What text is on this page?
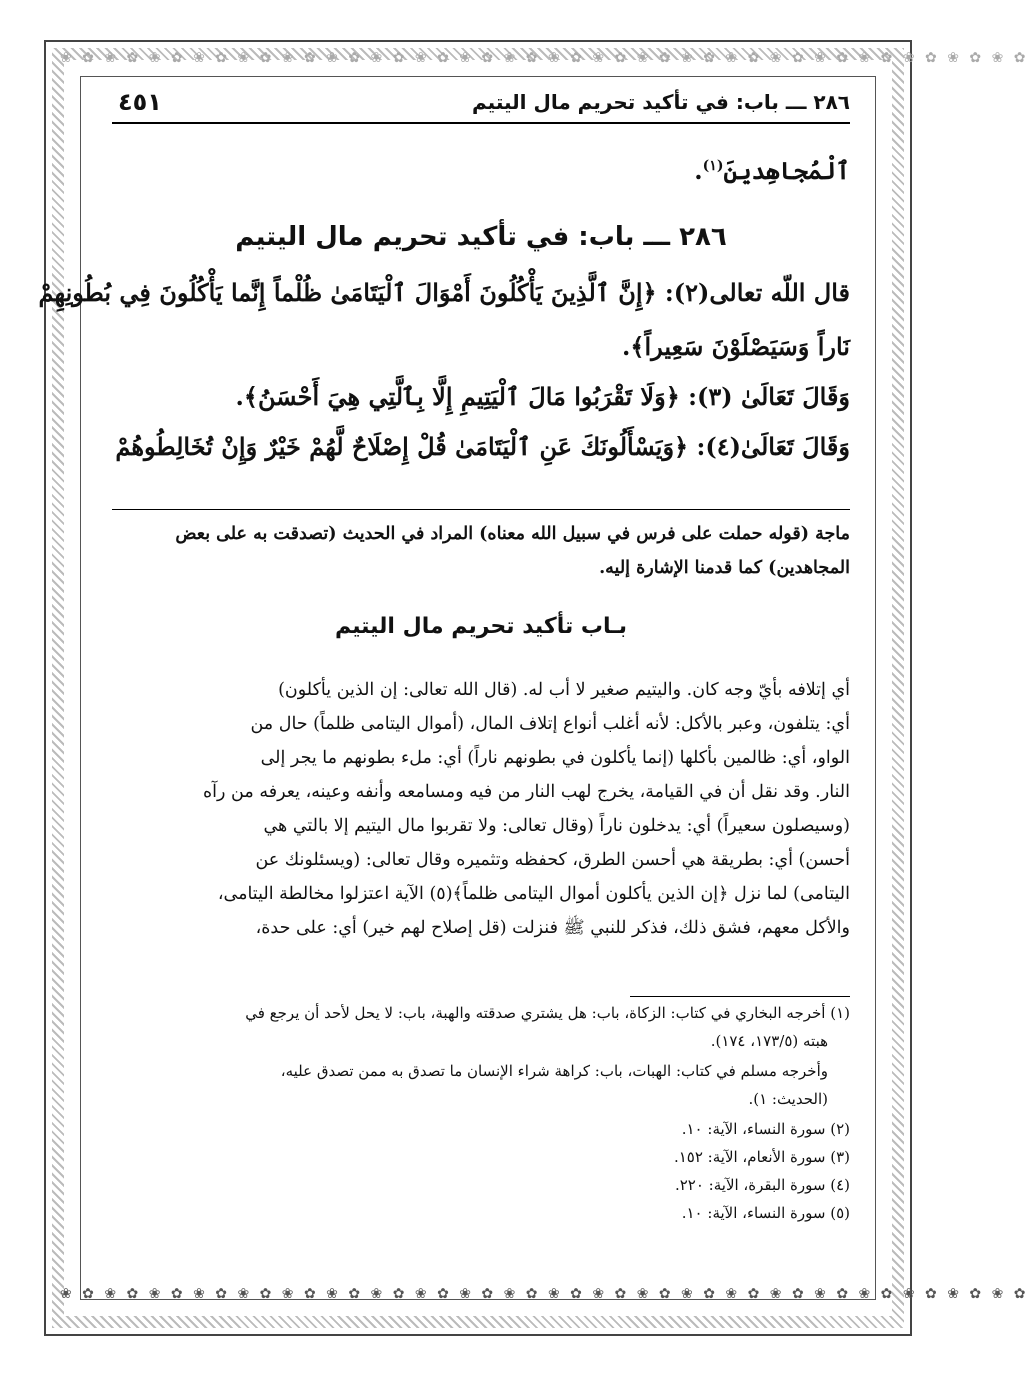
❀ ✿ ❀ ✿ ❀ ✿ ❀ ✿ ❀ ✿ ❀ ✿ ❀ ✿ ❀ ✿ ❀ ✿ ❀ ✿ ❀ ✿ ❀ ✿ ❀ ✿ ❀ ✿ ❀ ✿ ❀ ✿ ❀ ✿ ❀ ✿ ❀ ✿ ❀ ✿ ❀ ✿ ❀ ✿
❀ ✿ ❀ ✿ ❀ ✿ ❀ ✿ ❀ ✿ ❀ ✿ ❀ ✿ ❀ ✿ ❀ ✿ ❀ ✿ ❀ ✿ ❀ ✿ ❀ ✿ ❀ ✿ ❀ ✿ ❀ ✿ ❀ ✿ ❀ ✿ ❀ ✿ ❀ ✿ ❀ ✿ ❀ ✿
٢٨٦ ـــ باب: في تأكيد تحريم مال اليتيم
٤٥١
ٱلْمُجاهِدينَ$^{(١)}$.
٢٨٦ ـــ باب: في تأكيد تحريم مال اليتيم
قال اللّه تعالى(٢): ﴿إِنَّ ٱلَّذِينَ يَأْكُلُونَ أَمْوَالَ ٱلْيَتَامَىٰ ظُلْماً إِنَّما يَأْكُلُونَ فِي بُطُونِهِمْ
نَاراً وَسَيَصْلَوْنَ سَعِيراً﴾.
وَقَالَ تَعَالَىٰ (٣): ﴿وَلَا تَقْرَبُوا مَالَ ٱلْيَتِيمِ إِلَّا بِٱلَّتِي هِيَ أَحْسَنُ﴾.
وَقَالَ تَعَالَىٰ(٤): ﴿وَيَسْأَلُونَكَ عَنِ ٱلْيَتَامَىٰ قُلْ إِصْلَاحٌ لَّهُمْ خَيْرٌ وَإِنْ تُخَالِطُوهُمْ
ماجة (قوله حملت على فرس في سبيل الله معناه) المراد في الحديث (تصدقت به على بعض
المجاهدين) كما قدمنا الإشارة إليه.
بـاب تأكيد تحريم مال اليتيم
أي إتلافه بأيّ وجه كان. واليتيم صغير لا أب له. (قال الله تعالى: إن الذين يأكلون)
أي: يتلفون، وعبر بالأكل: لأنه أغلب أنواع إتلاف المال، (أموال اليتامى ظلماً) حال من
الواو، أي: ظالمين بأكلها (إنما يأكلون في بطونهم ناراً) أي: ملء بطونهم ما يجر إلى
النار. وقد نقل أن في القيامة، يخرج لهب النار من فيه ومسامعه وأنفه وعينه، يعرفه من رآه
(وسيصلون سعيراً) أي: يدخلون ناراً (وقال تعالى: ولا تقربوا مال اليتيم إلا بالتي هي
أحسن) أي: بطريقة هي أحسن الطرق، كحفظه وتثميره وقال تعالى: (ويسئلونك عن
اليتامى) لما نزل ﴿إن الذين يأكلون أموال اليتامى ظلماً﴾(٥) الآية اعتزلوا مخالطة اليتامى،
والأكل معهم، فشق ذلك، فذكر للنبي ﷺ فنزلت (قل إصلاح لهم خير) أي: على حدة،
(١) أخرجه البخاري في كتاب: الزكاة، باب: هل يشتري صدقته والهبة، باب: لا يحل لأحد أن يرجع في
هبته (١٧٣/٥، ١٧٤).
وأخرجه مسلم في كتاب: الهبات، باب: كراهة شراء الإنسان ما تصدق به ممن تصدق عليه،
(الحديث: ١).
(٢) سورة النساء، الآية: ١٠.
(٣) سورة الأنعام، الآية: ١٥٢.
(٤) سورة البقرة، الآية: ٢٢٠.
(٥) سورة النساء، الآية: ١٠.
